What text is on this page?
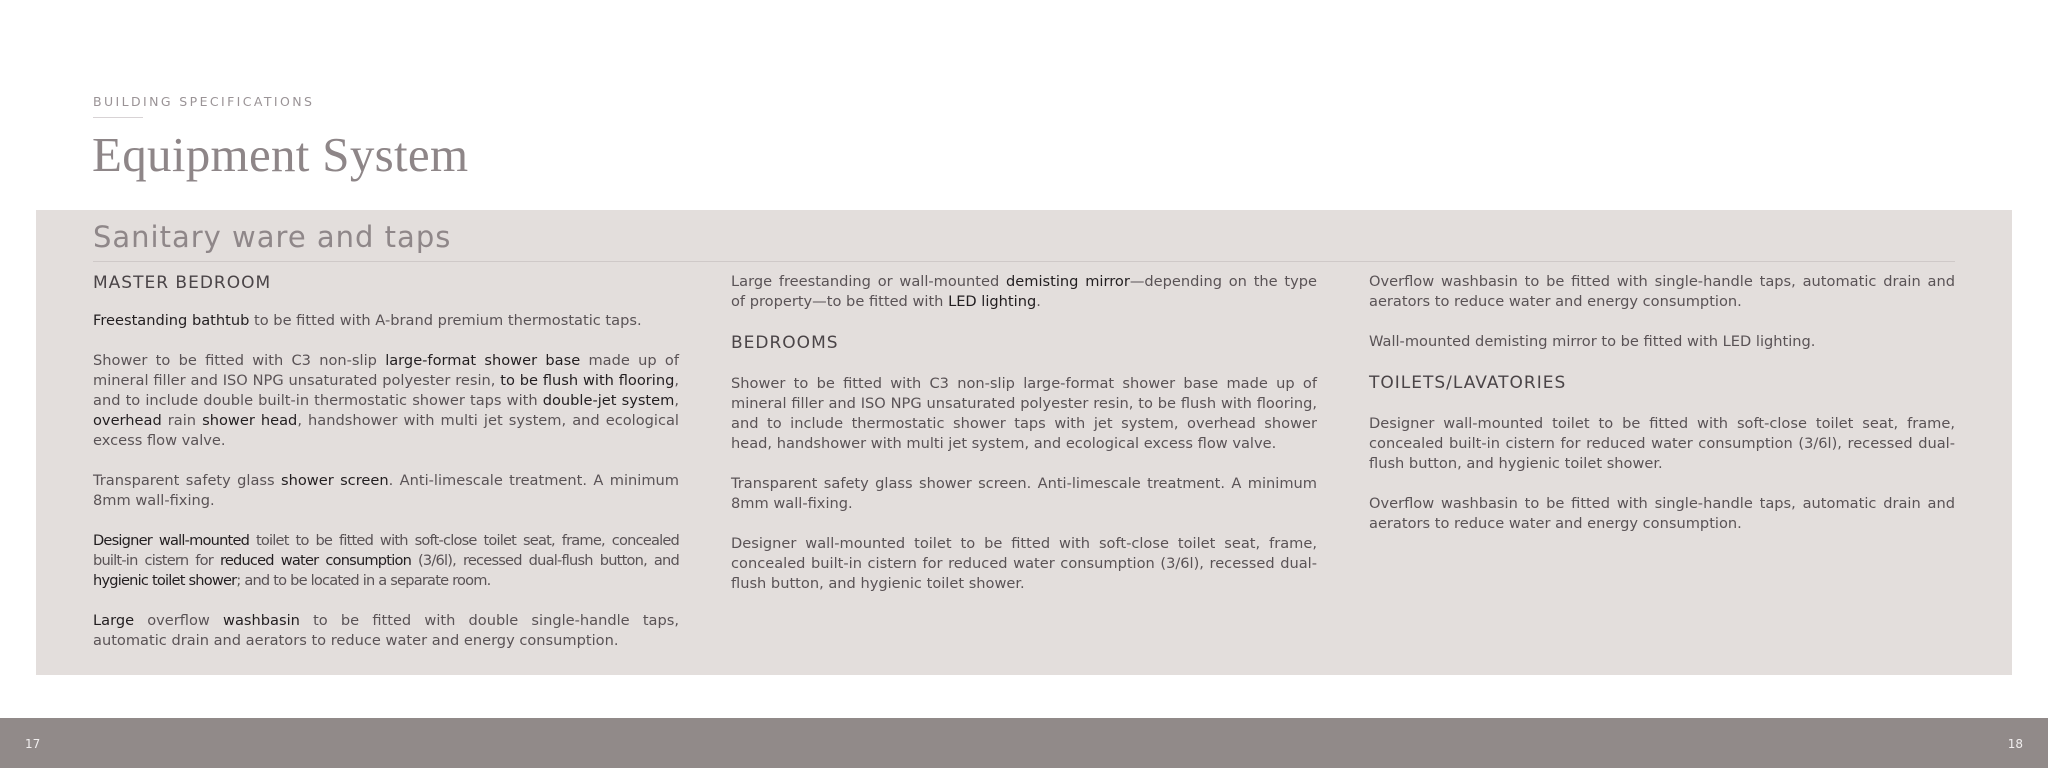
BUILDING SPECIFICATIONS
Equipment System
Sanitary ware and taps
MASTER BEDROOM

Freestanding bathtub to be fitted with A-brand premium thermostatic taps.

Shower to be fitted with C3 non-slip large-format shower base made up of mineral filler and ISO NPG unsaturated polyester resin, to be flush with flooring, and to include double built-in thermostatic shower taps with double-jet system, overhead rain shower head, handshower with multi jet system, and ecological excess flow valve.

Transparent safety glass shower screen. Anti-limescale treatment. A minimum 8mm wall-fixing.

Designer wall-mounted toilet to be fitted with soft-close toilet seat, frame, concealed built-in cistern for reduced water consumption (3/6l), recessed dual-flush button, and hygienic toilet shower; and to be located in a separate room.

Large overflow washbasin to be fitted with double single-handle taps, automatic drain and aerators to reduce water and energy consumption.

Large freestanding or wall-mounted demisting mirror—depending on the type of property—to be fitted with LED lighting.

BEDROOMS

Shower to be fitted with C3 non-slip large-format shower base made up of mineral filler and ISO NPG unsaturated polyester resin, to be flush with flooring, and to include thermostatic shower taps with jet system, overhead shower head, handshower with multi jet system, and ecological excess flow valve.

Transparent safety glass shower screen. Anti-limescale treatment. A minimum 8mm wall-fixing.

Designer wall-mounted toilet to be fitted with soft-close toilet seat, frame, concealed built-in cistern for reduced water consumption (3/6l), recessed dual-flush button, and hygienic toilet shower.

Overflow washbasin to be fitted with single-handle taps, automatic drain and aerators to reduce water and energy consumption.

Wall-mounted demisting mirror to be fitted with LED lighting.

TOILETS/LAVATORIES

Designer wall-mounted toilet to be fitted with soft-close toilet seat, frame, concealed built-in cistern for reduced water consumption (3/6l), recessed dual-flush button, and hygienic toilet shower.

Overflow washbasin to be fitted with single-handle taps, automatic drain and aerators to reduce water and energy consumption.

17	18
